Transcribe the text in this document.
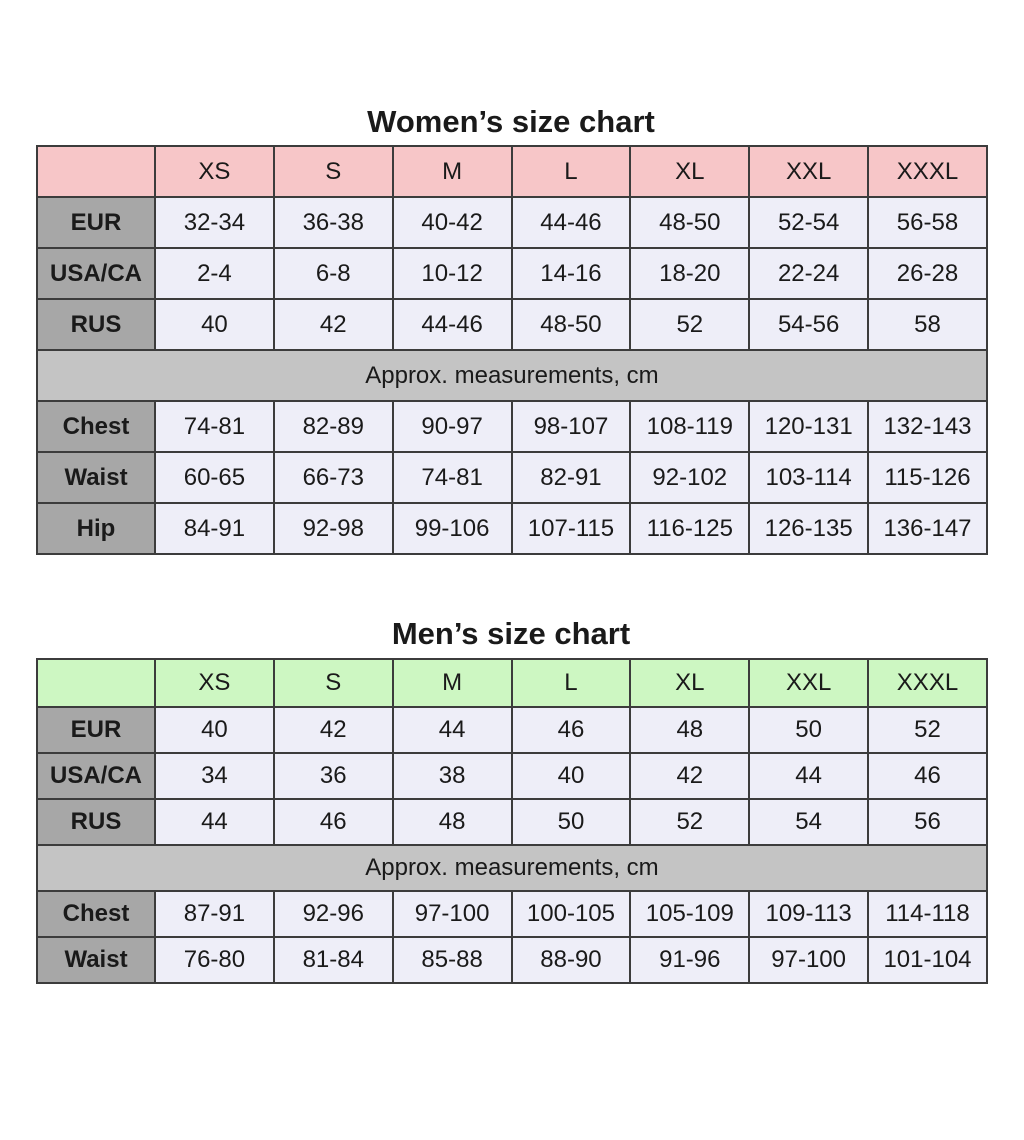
Women’s size chart
	XS	S	M	L	XL	XXL	XXXL
EUR	32-34	36-38	40-42	44-46	48-50	52-54	56-58
USA/CA	2-4	6-8	10-12	14-16	18-20	22-24	26-28
RUS	40	42	44-46	48-50	52	54-56	58
Approx. measurements, cm							
Chest	74-81	82-89	90-97	98-107	108-119	120-131	132-143
Waist	60-65	66-73	74-81	82-91	92-102	103-114	115-126
Hip	84-91	92-98	99-106	107-115	116-125	126-135	136-147
Men’s size chart
	XS	S	M	L	XL	XXL	XXXL
EUR	40	42	44	46	48	50	52
USA/CA	34	36	38	40	42	44	46
RUS	44	46	48	50	52	54	56
Approx. measurements, cm							
Chest	87-91	92-96	97-100	100-105	105-109	109-113	114-118
Waist	76-80	81-84	85-88	88-90	91-96	97-100	101-104
